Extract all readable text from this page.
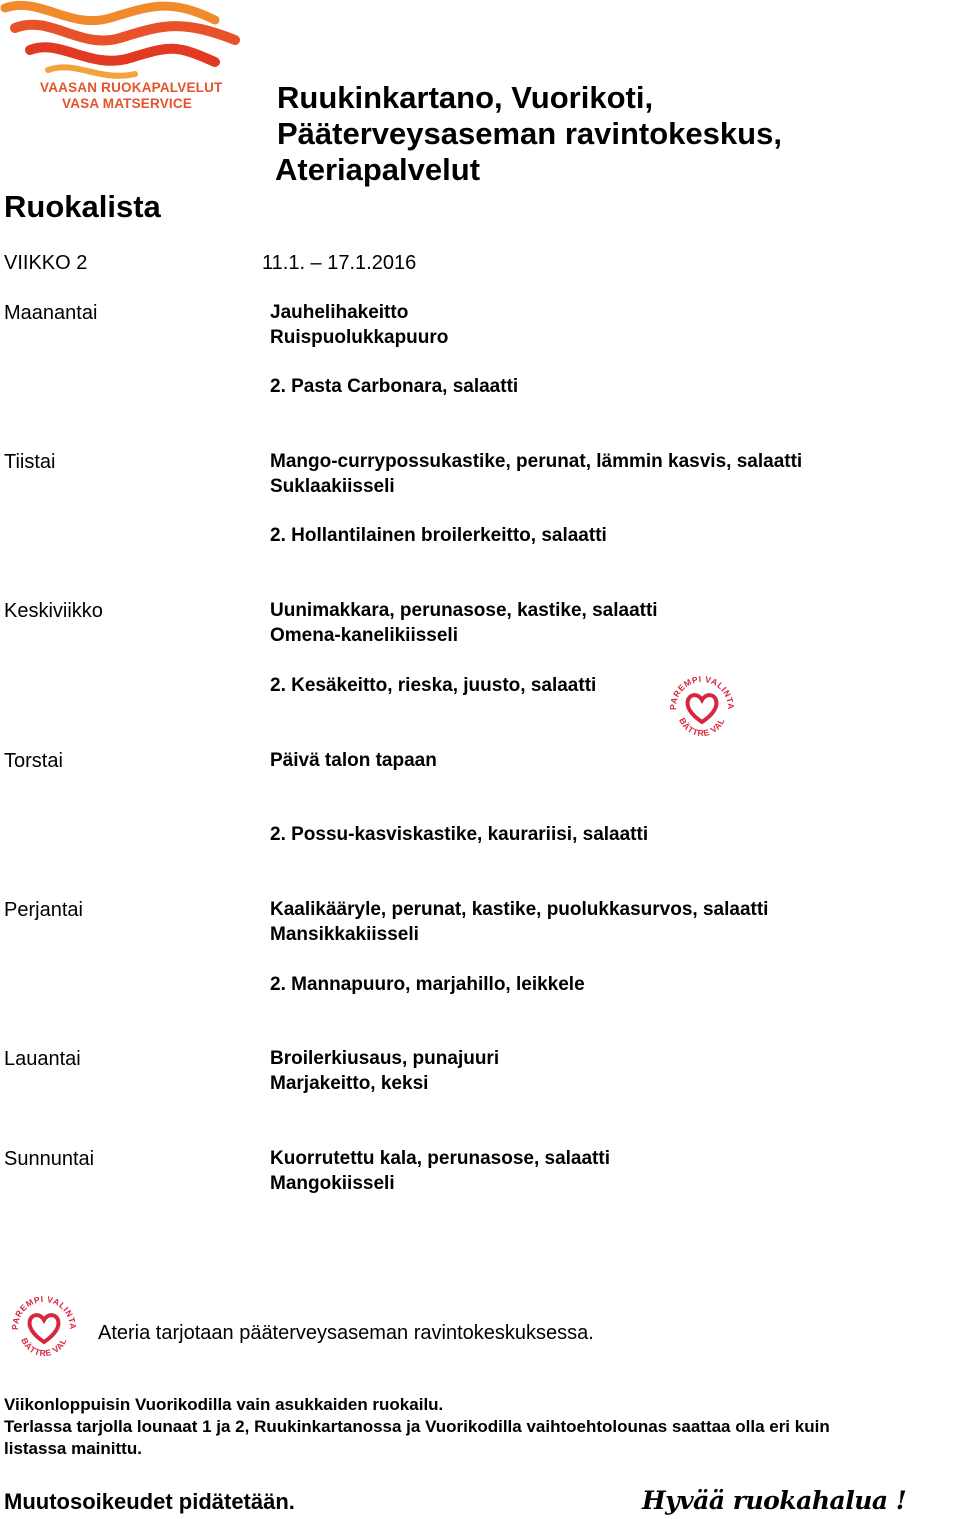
VAASAN RUOKAPALVELUT
VASA MATSERVICE
Ruokalista
Ruukinkartano, Vuorikoti,
Pääterveysaseman ravintokeskus,
Ateriapalvelut
VIIKKO 2	11.1. – 17.1.2016
Maanantai	Jauhelihakeitto
Ruispuolukkapuuro
2. Pasta Carbonara, salaatti
Tiistai	Mango-currypossukastike, perunat, lämmin kasvis, salaatti
Suklaakiisseli
2. Hollantilainen broilerkeitto, salaatti
Keskiviikko	Uunimakkara, perunasose, kastike, salaatti
Omena-kanelikiisseli
2. Kesäkeitto, rieska, juusto, salaatti
PAREMPI VALINTA
BÄTTRE VAL
Torstai	Päivä talon tapaan
2. Possu-kasviskastike, kaurariisi, salaatti
Perjantai	Kaalikääryle, perunat, kastike, puolukkasurvos, salaatti
Mansikkakiisseli
2. Mannapuuro, marjahillo, leikkele
Lauantai	Broilerkiusaus, punajuuri
Marjakeitto, keksi
Sunnuntai	Kuorrutettu kala, perunasose, salaatti
Mangokiisseli
PAREMPI VALINTA
BÄTTRE VAL Ateria tarjotaan pääterveysaseman ravintokeskuksessa.
Viikonloppuisin Vuorikodilla vain asukkaiden ruokailu.
Terlassa tarjolla lounaat 1 ja 2, Ruukinkartanossa ja Vuorikodilla vaihtoehtolounas saattaa olla eri kuin
listassa mainittu.
Muutosoikeudet pidätetään.	Hyvää ruokahalua !
